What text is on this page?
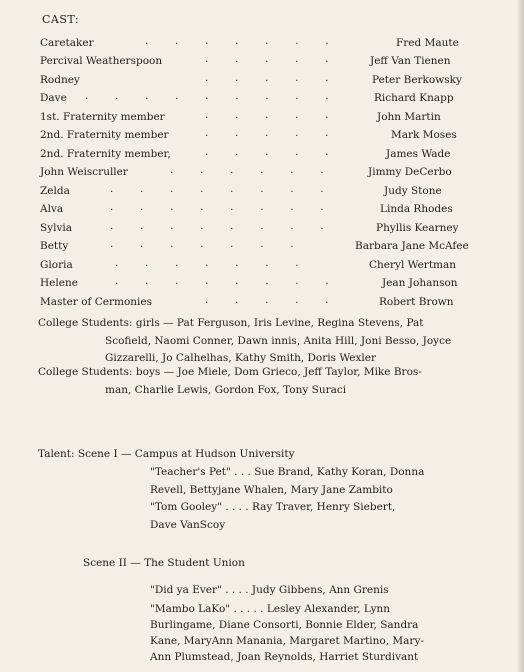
CAST:
Caretaker	.        .        .        .        .        .        .	Fred Maute
Percival Weatherspoon	.        .        .        .        .	Jeff Van Tienen
Rodney	.        .        .        .        .	Peter Berkowsky
Dave .        .        .        .        .        .        .        .        .	Richard Knapp
1st. Fraternity member	.        .        .        .        .	John Martin
2nd. Fraternity member	.        .        .        .        .	Mark Moses
2nd. Fraternity member,	.        .        .        .        .	James Wade
John Weiscruller	.        .        .        .        .        .	Jimmy DeCerbo
Zelda	.        .        .        .        .        .        .        .	Judy Stone
Alva	.        .        .        .        .        .        .        .	Linda Rhodes
Sylvia	.        .        .        .        .        .        .        .	Phyllis Kearney
Betty	.        .        .        .        .        .        .	Barbara Jane McAfee
Gloria	.        .        .        .        .        .        .	Cheryl Wertman
Helene	.        .        .        .        .        .        .        .	Jean Johanson
Master of Cermonies	.        .        .        .        .	Robert Brown
College Students: girls — Pat Ferguson, Iris Levine, Regina Stevens, Pat
Scofield, Naomi Conner, Dawn innis, Anita Hill, Joni Besso, Joyce
Gizzarelli, Jo Calhelhas, Kathy Smith, Doris Wexler
College Students: boys — Joe Miele, Dom Grieco, Jeff Taylor, Mike Bros-
man, Charlie Lewis, Gordon Fox, Tony Suraci
Talent: Scene I — Campus at Hudson University
"Teacher's Pet" . . . Sue Brand, Kathy Koran, Donna
Revell, Bettyjane Whalen, Mary Jane Zambito
"Tom Gooley" . . . . Ray Traver, Henry Siebert,
Dave VanScoy
Scene II — The Student Union
"Did ya Ever" . . . . Judy Gibbens, Ann Grenis
"Mambo LaKo" . . . . . Lesley Alexander, Lynn
Burlingame, Diane Consorti, Bonnie Elder, Sandra
Kane, MaryAnn Manania, Margaret Martino, Mary-
Ann Plumstead, Joan Reynolds, Harriet Sturdivant
